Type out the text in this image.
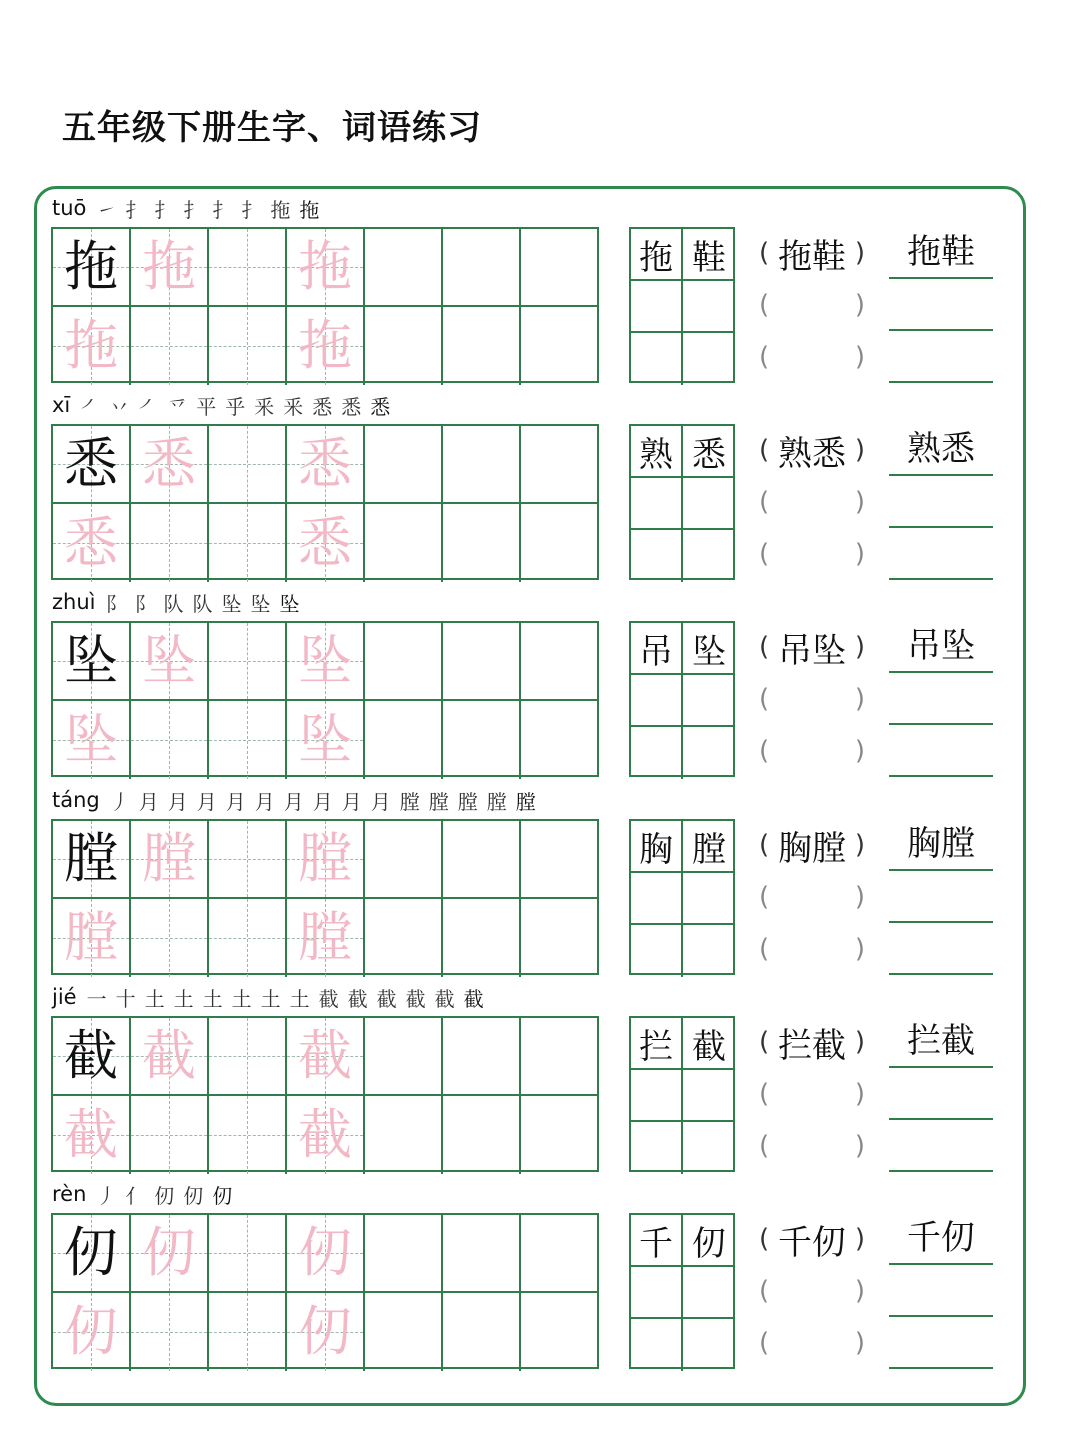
五年级下册生字、词语练习
tuō ㇀ 扌 扌 扌 扌 扌 拖 拖
拖 拖 拖
拖	拖
拖 鞋	( 拖鞋 )
(	)
(	)
拖鞋
xī ㇒ 丷 ㇒ 乊 平 乎 釆 釆 悉 悉 悉
悉 悉 悉
悉	悉
熟 悉	( 熟悉 )
(	)
(	)
熟悉
zhuì ⻖ 阝 队 队 坠 坠 坠
坠 坠 坠
坠	坠
吊 坠	( 吊坠 )
(	)
(	)
吊坠
táng 丿 月 月 月 月 月 月 月 月 月 膛 膛 膛 膛 膛
膛 膛 膛
膛	膛
胸 膛	( 胸膛 )
(	)
(	)
胸膛
jié 一 十 土 土 土 土 土 土 截 截 截 截 截 截
截 截 截
截	截
拦 截	( 拦截 )
(	)
(	)
拦截
rèn 丿 亻 仞 仞 仞
仞 仞 仞
仞	仞
千 仞	( 千仞 )
(	)
(	)
千仞
